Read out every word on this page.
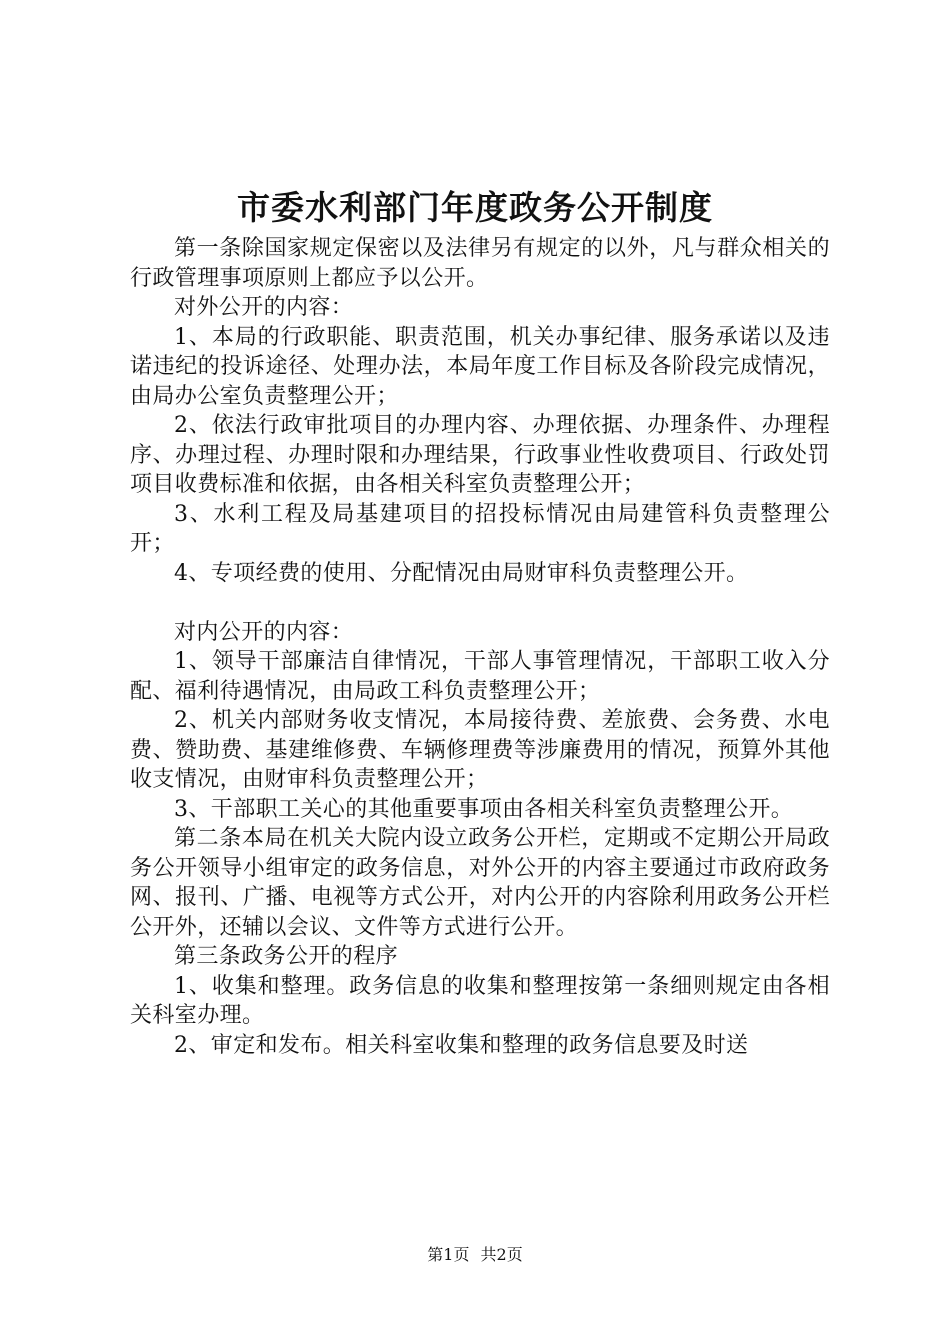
市委水利部门年度政务公开制度

第一条除国家规定保密以及法律另有规定的以外，凡与群众相关的行政管理事项原则上都应予以公开。

对外公开的内容：

1、本局的行政职能、职责范围，机关办事纪律、服务承诺以及违诺违纪的投诉途径、处理办法，本局年度工作目标及各阶段完成情况，由局办公室负责整理公开；

2、依法行政审批项目的办理内容、办理依据、办理条件、办理程序、办理过程、办理时限和办理结果，行政事业性收费项目、行政处罚项目收费标准和依据，由各相关科室负责整理公开；

3、水利工程及局基建项目的招投标情况由局建管科负责整理公开；

4、专项经费的使用、分配情况由局财审科负责整理公开。

对内公开的内容：

1、领导干部廉洁自律情况，干部人事管理情况，干部职工收入分配、福利待遇情况，由局政工科负责整理公开；

2、机关内部财务收支情况，本局接待费、差旅费、会务费、水电费、赞助费、基建维修费、车辆修理费等涉廉费用的情况，预算外其他收支情况，由财审科负责整理公开；

3、干部职工关心的其他重要事项由各相关科室负责整理公开。

第二条本局在机关大院内设立政务公开栏，定期或不定期公开局政务公开领导小组审定的政务信息，对外公开的内容主要通过市政府政务网、报刊、广播、电视等方式公开，对内公开的内容除利用政务公开栏公开外，还辅以会议、文件等方式进行公开。

第三条政务公开的程序

1、收集和整理。政务信息的收集和整理按第一条细则规定由各相关科室办理。

2、审定和发布。相关科室收集和整理的政务信息要及时送

第1页 共2页
